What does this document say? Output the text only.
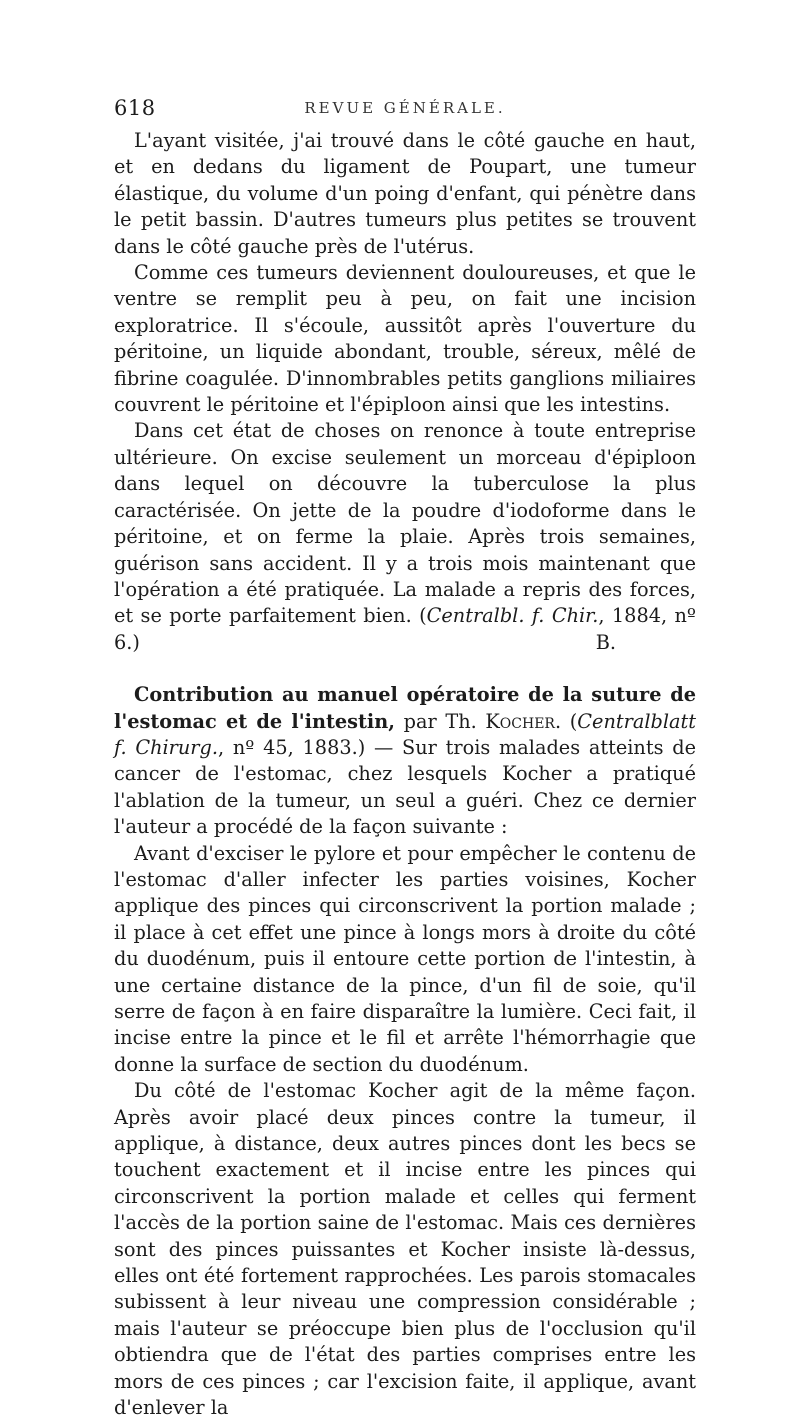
618	REVUE GÉNÉRALE.

L'ayant visitée, j'ai trouvé dans le côté gauche en haut, et en dedans du ligament de Poupart, une tumeur élastique, du volume d'un poing d'enfant, qui pénètre dans le petit bassin. D'autres tumeurs plus petites se trouvent dans le côté gauche près de l'utérus.

Comme ces tumeurs deviennent douloureuses, et que le ventre se remplit peu à peu, on fait une incision exploratrice. Il s'écoule, aussitôt après l'ouverture du péritoine, un liquide abondant, trouble, séreux, mêlé de fibrine coagulée. D'innombrables petits ganglions miliaires couvrent le péritoine et l'épiploon ainsi que les intestins.

Dans cet état de choses on renonce à toute entreprise ultérieure. On excise seulement un morceau d'épiploon dans lequel on découvre la tuberculose la plus caractérisée. On jette de la poudre d'iodoforme dans le péritoine, et on ferme la plaie. Après trois semaines, guérison sans accident. Il y a trois mois maintenant que l'opération a été pratiquée. La malade a repris des forces, et se porte parfaitement bien. (Centralbl. f. Chir., 1884, nº 6.)	B.

Contribution au manuel opératoire de la suture de l'estomac et de l'intestin, par Th. Kocher. (Centralblatt f. Chirurg., nº 45, 1883.) — Sur trois malades atteints de cancer de l'estomac, chez lesquels Kocher a pratiqué l'ablation de la tumeur, un seul a guéri. Chez ce dernier l'auteur a procédé de la façon suivante :

Avant d'exciser le pylore et pour empêcher le contenu de l'estomac d'aller infecter les parties voisines, Kocher applique des pinces qui circonscrivent la portion malade ; il place à cet effet une pince à longs mors à droite du côté du duodénum, puis il entoure cette portion de l'intestin, à une certaine distance de la pince, d'un fil de soie, qu'il serre de façon à en faire disparaître la lumière. Ceci fait, il incise entre la pince et le fil et arrête l'hémorrhagie que donne la surface de section du duodénum.

Du côté de l'estomac Kocher agit de la même façon. Après avoir placé deux pinces contre la tumeur, il applique, à distance, deux autres pinces dont les becs se touchent exactement et il incise entre les pinces qui circonscrivent la portion malade et celles qui ferment l'accès de la portion saine de l'estomac. Mais ces dernières sont des pinces puissantes et Kocher insiste là-dessus, elles ont été fortement rapprochées. Les parois stomacales subissent à leur niveau une compression considérable ; mais l'auteur se préoccupe bien plus de l'occlusion qu'il obtiendra que de l'état des parties comprises entre les mors de ces pinces ; car l'excision faite, il applique, avant d'enlever la
